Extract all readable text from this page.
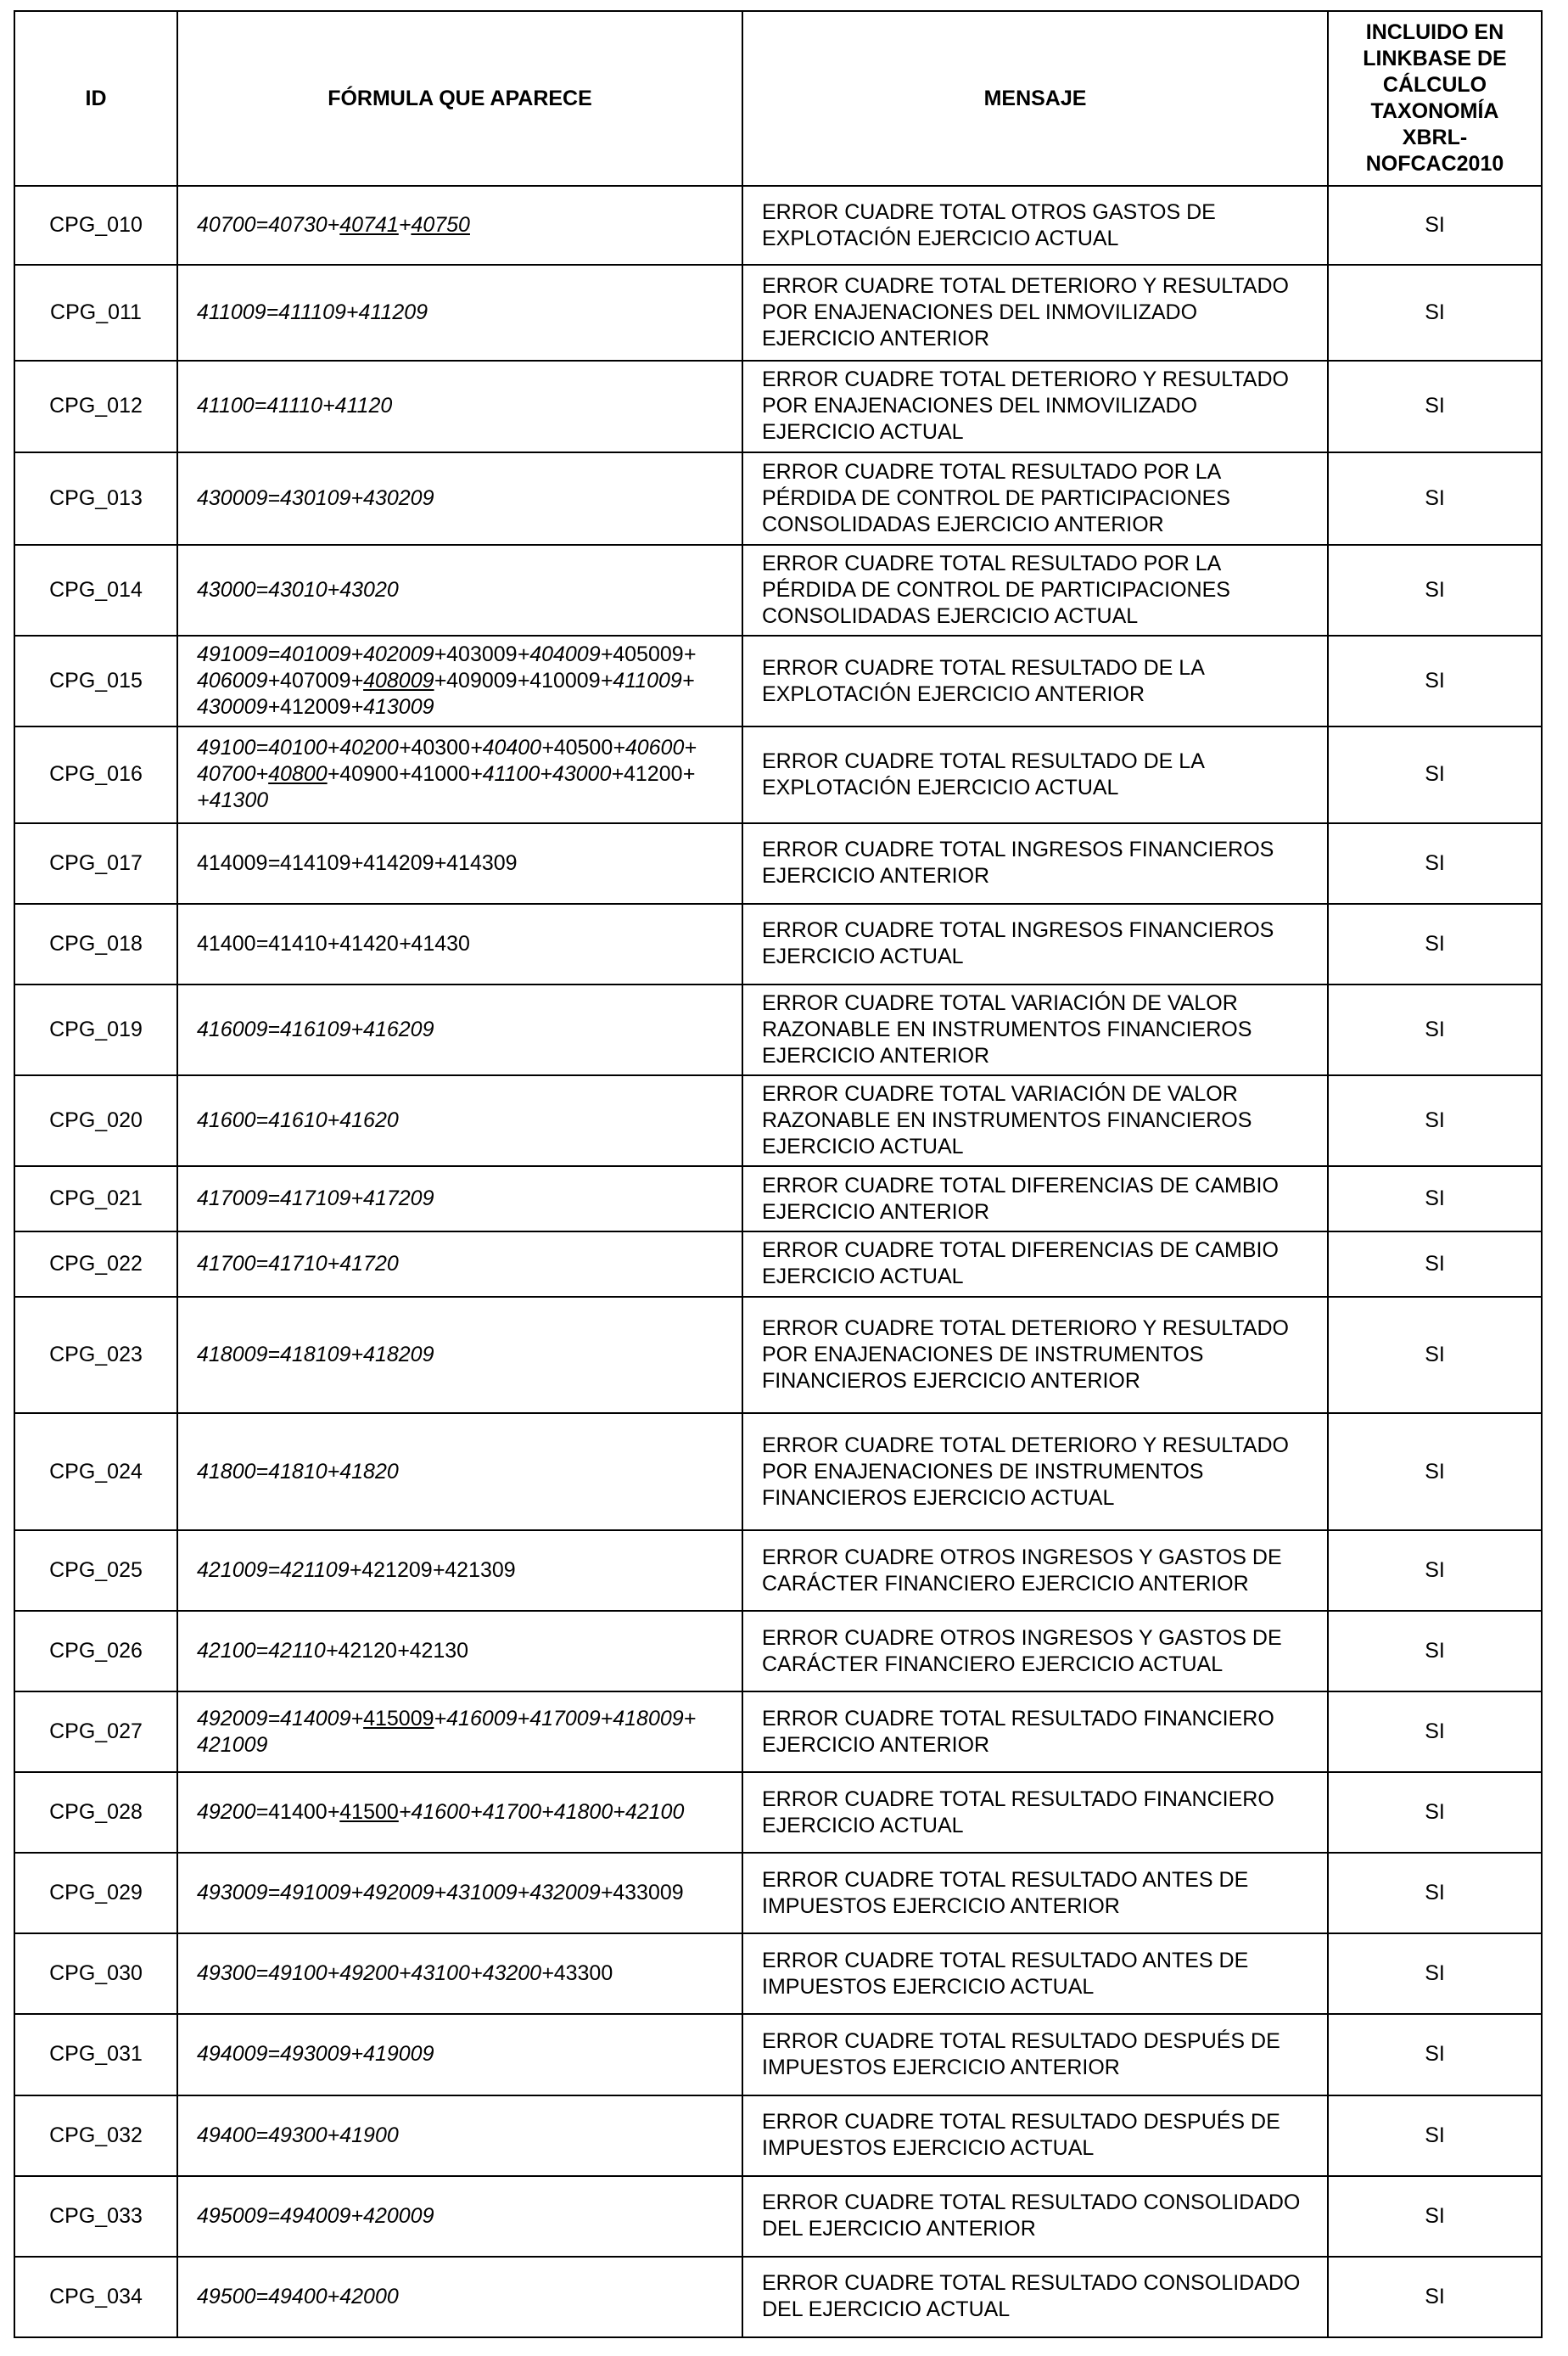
ID	FÓRMULA QUE APARECE	MENSAJE	INCLUIDO EN LINKBASE DE CÁLCULO TAXONOMÍA XBRL- NOFCAC2010
CPG_010	40700=40730+40741+40750	ERROR CUADRE TOTAL OTROS GASTOS DE EXPLOTACIÓN EJERCICIO ACTUAL	SI
CPG_011	411009=411109+411209	ERROR CUADRE TOTAL DETERIORO Y RESULTADO POR ENAJENACIONES DEL INMOVILIZADO EJERCICIO ANTERIOR	SI
CPG_012	41100=41110+41120	ERROR CUADRE TOTAL DETERIORO Y RESULTADO POR ENAJENACIONES DEL INMOVILIZADO EJERCICIO ACTUAL	SI
CPG_013	430009=430109+430209	ERROR CUADRE TOTAL RESULTADO POR LA PÉRDIDA DE CONTROL DE PARTICIPACIONES CONSOLIDADAS EJERCICIO ANTERIOR	SI
CPG_014	43000=43010+43020	ERROR CUADRE TOTAL RESULTADO POR LA PÉRDIDA DE CONTROL DE PARTICIPACIONES CONSOLIDADAS EJERCICIO ACTUAL	SI
CPG_015	491009=401009+402009+403009+404009+405009+ 406009+407009+408009+409009+410009+411009+ 430009+412009+413009	ERROR CUADRE TOTAL RESULTADO DE LA EXPLOTACIÓN EJERCICIO ANTERIOR	SI
CPG_016	49100=40100+40200+40300+40400+40500+40600+ 40700+40800+40900+41000+41100+43000+41200+ +41300	ERROR CUADRE TOTAL RESULTADO DE LA EXPLOTACIÓN EJERCICIO ACTUAL	SI
CPG_017	414009=414109+414209+414309	ERROR CUADRE TOTAL INGRESOS FINANCIEROS EJERCICIO ANTERIOR	SI
CPG_018	41400=41410+41420+41430	ERROR CUADRE TOTAL INGRESOS FINANCIEROS EJERCICIO ACTUAL	SI
CPG_019	416009=416109+416209	ERROR CUADRE TOTAL VARIACIÓN DE VALOR RAZONABLE EN INSTRUMENTOS FINANCIEROS EJERCICIO ANTERIOR	SI
CPG_020	41600=41610+41620	ERROR CUADRE TOTAL VARIACIÓN DE VALOR RAZONABLE EN INSTRUMENTOS FINANCIEROS EJERCICIO ACTUAL	SI
CPG_021	417009=417109+417209	ERROR CUADRE TOTAL DIFERENCIAS DE CAMBIO EJERCICIO ANTERIOR	SI
CPG_022	41700=41710+41720	ERROR CUADRE TOTAL DIFERENCIAS DE CAMBIO EJERCICIO ACTUAL	SI
CPG_023	418009=418109+418209	ERROR CUADRE TOTAL DETERIORO Y RESULTADO POR ENAJENACIONES DE INSTRUMENTOS FINANCIEROS EJERCICIO ANTERIOR	SI
CPG_024	41800=41810+41820	ERROR CUADRE TOTAL DETERIORO Y RESULTADO POR ENAJENACIONES DE INSTRUMENTOS FINANCIEROS EJERCICIO ACTUAL	SI
CPG_025	421009=421109+421209+421309	ERROR CUADRE OTROS INGRESOS Y GASTOS DE CARÁCTER FINANCIERO EJERCICIO ANTERIOR	SI
CPG_026	42100=42110+42120+42130	ERROR CUADRE OTROS INGRESOS Y GASTOS DE CARÁCTER FINANCIERO EJERCICIO ACTUAL	SI
CPG_027	492009=414009+415009+416009+417009+418009+ 421009	ERROR CUADRE TOTAL RESULTADO FINANCIERO EJERCICIO ANTERIOR	SI
CPG_028	49200=41400+41500+41600+41700+41800+42100	ERROR CUADRE TOTAL RESULTADO FINANCIERO EJERCICIO ACTUAL	SI
CPG_029	493009=491009+492009+431009+432009+433009	ERROR CUADRE TOTAL RESULTADO ANTES DE IMPUESTOS EJERCICIO ANTERIOR	SI
CPG_030	49300=49100+49200+43100+43200+43300	ERROR CUADRE TOTAL RESULTADO ANTES DE IMPUESTOS EJERCICIO ACTUAL	SI
CPG_031	494009=493009+419009	ERROR CUADRE TOTAL RESULTADO DESPUÉS DE IMPUESTOS EJERCICIO ANTERIOR	SI
CPG_032	49400=49300+41900	ERROR CUADRE TOTAL RESULTADO DESPUÉS DE IMPUESTOS EJERCICIO ACTUAL	SI
CPG_033	495009=494009+420009	ERROR CUADRE TOTAL RESULTADO CONSOLIDADO DEL EJERCICIO ANTERIOR	SI
CPG_034	49500=49400+42000	ERROR CUADRE TOTAL RESULTADO CONSOLIDADO DEL EJERCICIO ACTUAL	SI
